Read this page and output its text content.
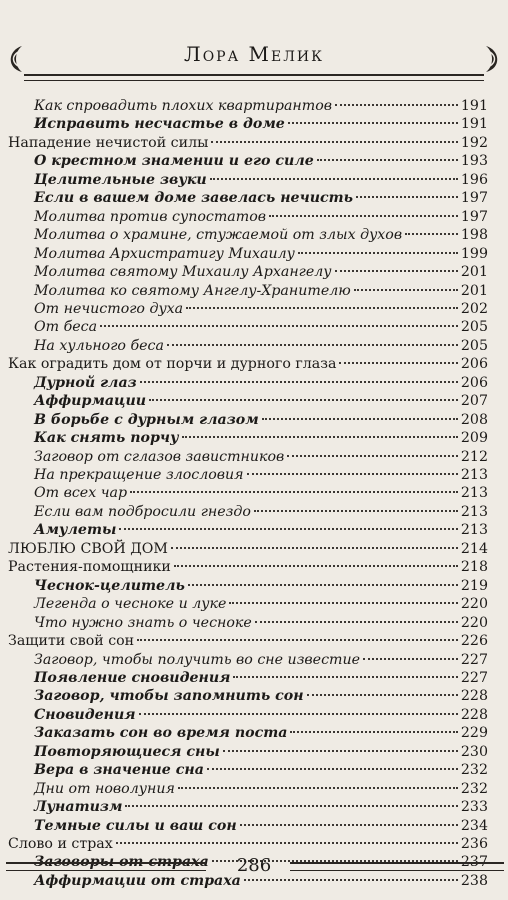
Лора Мелик
Как спровадить плохих квартирантов	191
Исправить несчастье в доме	191
Нападение нечистой силы	192
О крестном знамении и его силе	193
Целительные звуки	196
Если в вашем доме завелась нечисть	197
Молитва против супостатов	197
Молитва о храмине, стужаемой от злых духов	198
Молитва Архистратигу Михаилу	199
Молитва святому Михаилу Архангелу	201
Молитва ко святому Ангелу-Хранителю	201
От нечистого духа	202
От беса	205
На хульного беса	205
Как оградить дом от порчи и дурного глаза	206
Дурной глаз	206
Аффирмации	207
В борьбе с дурным глазом	208
Как снять порчу	209
Заговор от сглазов завистников	212
На прекращение злословия	213
От всех чар	213
Если вам подбросили гнездо	213
Амулеты	213
ЛЮБЛЮ СВОЙ ДОМ	214
Растения-помощники	218
Чеснок-целитель	219
Легенда о чесноке и луке	220
Что нужно знать о чесноке	220
Защити свой сон	226
Заговор, чтобы получить во сне известие	227
Появление сновидения	227
Заговор, чтобы запомнить сон	228
Сновидения	228
Заказать сон во время поста	229
Повторяющиеся сны	230
Вера в значение сна	232
Дни от новолуния	232
Лунатизм	233
Темные силы и ваш сон	234
Слово и страх	236
Заговоры от страха	237
Аффирмации от страха	238
286
